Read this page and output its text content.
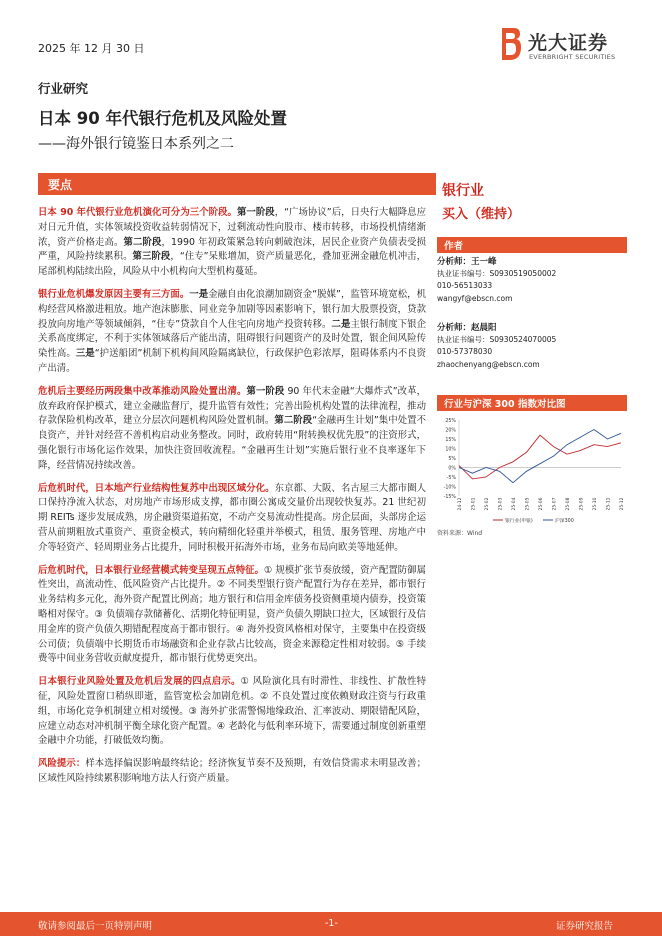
2025 年 12 月 30 日	光大证券
EVERBRIGHT SECURITIES
行业研究
日本 90 年代银行危机及风险处置
——海外银行镜鉴日本系列之二
要点

日本 90 年代银行业危机演化可分为三个阶段。第一阶段，“广场协议”后，日央行大幅降息应对日元升值，实体领域投资收益转弱情况下，过剩流动性向股市、楼市转移，市场投机情绪渐浓，资产价格走高。第二阶段，1990 年初政策紧急转向刺破泡沫，居民企业资产负债表受损严重，风险持续累积。第三阶段，“住专”呆账增加，资产质量恶化，叠加亚洲金融危机冲击，尾部机构陆续出险，风险从中小机构向大型机构蔓延。

银行业危机爆发原因主要有三方面。一是金融自由化浪潮加剧资金“脱媒”，监管环境宽松，机构经营风格激进粗放。地产泡沫膨胀、同业竞争加剧等因素影响下，银行加大股票投资，贷款投放向房地产等领域倾斜，“住专”贷款自个人住宅向房地产投资转移。二是主银行制度下银企关系高度绑定，不利于实体领域落后产能出清，阻碍银行问题资产的及时处置，银企间风险传染性高。三是“护送船团”机制下机构间风险隔离缺位，行政保护色彩浓厚，阻碍体系内不良资产出清。

危机后主要经历两段集中改革推动风险处置出清。第一阶段 90 年代末金融“大爆炸式”改革，放弃政府保护模式，建立金融监督厅，提升监管有效性；完善出险机构处置的法律流程，推动存款保险机构改革，建立分层次问题机构风险处置机制。第二阶段“金融再生计划”集中处置不良资产，并针对经营不善机构启动业务整改。同时，政府转用“附转换权优先股”的注资形式，强化银行市场化运作效果，加快注资回收流程。“金融再生计划”实施后银行业不良率逐年下降，经营情况持续改善。

后危机时代，日本地产行业结构性复苏中出现区域分化。东京都、大阪、名古屋三大都市圈人口保持净流入状态，对房地产市场形成支撑，都市圈公寓成交量价出现较快复苏。21 世纪初期 REITs 逐步发展成熟，房企融资渠道拓宽，不动产交易流动性提高。房企层面，头部房企运营从前期粗放式重资产、重资金模式，转向精细化轻重并举模式，租赁、服务管理、房地产中介等轻资产、轻周期业务占比提升，同时积极开拓海外市场，业务布局向欧美等地延伸。

后危机时代，日本银行业经营模式转变呈现五点特征。① 规模扩张节奏放缓，资产配置防御属性突出，高流动性、低风险资产占比提升。② 不同类型银行资产配置行为存在差异，都市银行业务结构多元化，海外资产配置比例高；地方银行和信用金库债务投资侧重境内债券，投资策略相对保守。③ 负债端存款储蓄化、活期化特征明显，资产负债久期缺口拉大，区域银行及信用金库的资产负债久期错配程度高于都市银行。④ 海外投资风格相对保守，主要集中在投资级公司债；负债端中长期货币市场融资和企业存款占比较高，资金来源稳定性相对较弱。⑤ 手续费等中间业务营收贡献度提升，都市银行优势更突出。

日本银行业风险处置及危机后发展的四点启示。① 风险演化具有时滞性、非线性、扩散性特征，风险处置窗口稍纵即逝，监管宽松会加剧危机。② 不良处置过度依赖财政注资与行政重组，市场化竞争机制建立相对缓慢。③ 海外扩张需警惕地缘政治、汇率波动、期限错配风险，应建立动态对冲机制平衡全球化资产配置。④ 老龄化与低利率环境下，需要通过制度创新重塑金融中介功能，打破低效均衡。

风险提示：样本选择偏误影响最终结论；经济恢复节奏不及预期，有效信贷需求未明显改善；区域性风险持续累积影响地方法人行资产质量。

银行业
买入（维持）
作者
分析师：王一峰
执业证书编号：S0930519050002
010-56513033
wangyf@ebscn.com
分析师：赵晨阳
执业证书编号：S0930524070005
010-57378030
zhaochenyang@ebscn.com
行业与沪深 300 指数对比图
25%
20%
15%
10%
5%
0%
-5%
-10%
-15% 24-12 25-01 25-02 25-03 25-04 25-05 25-06 25-07 25-08 25-09 25-10 25-11 25-12
银行业(申银)	沪深300
资料来源：Wind
敬请参阅最后一页特别声明	-1-	证券研究报告
